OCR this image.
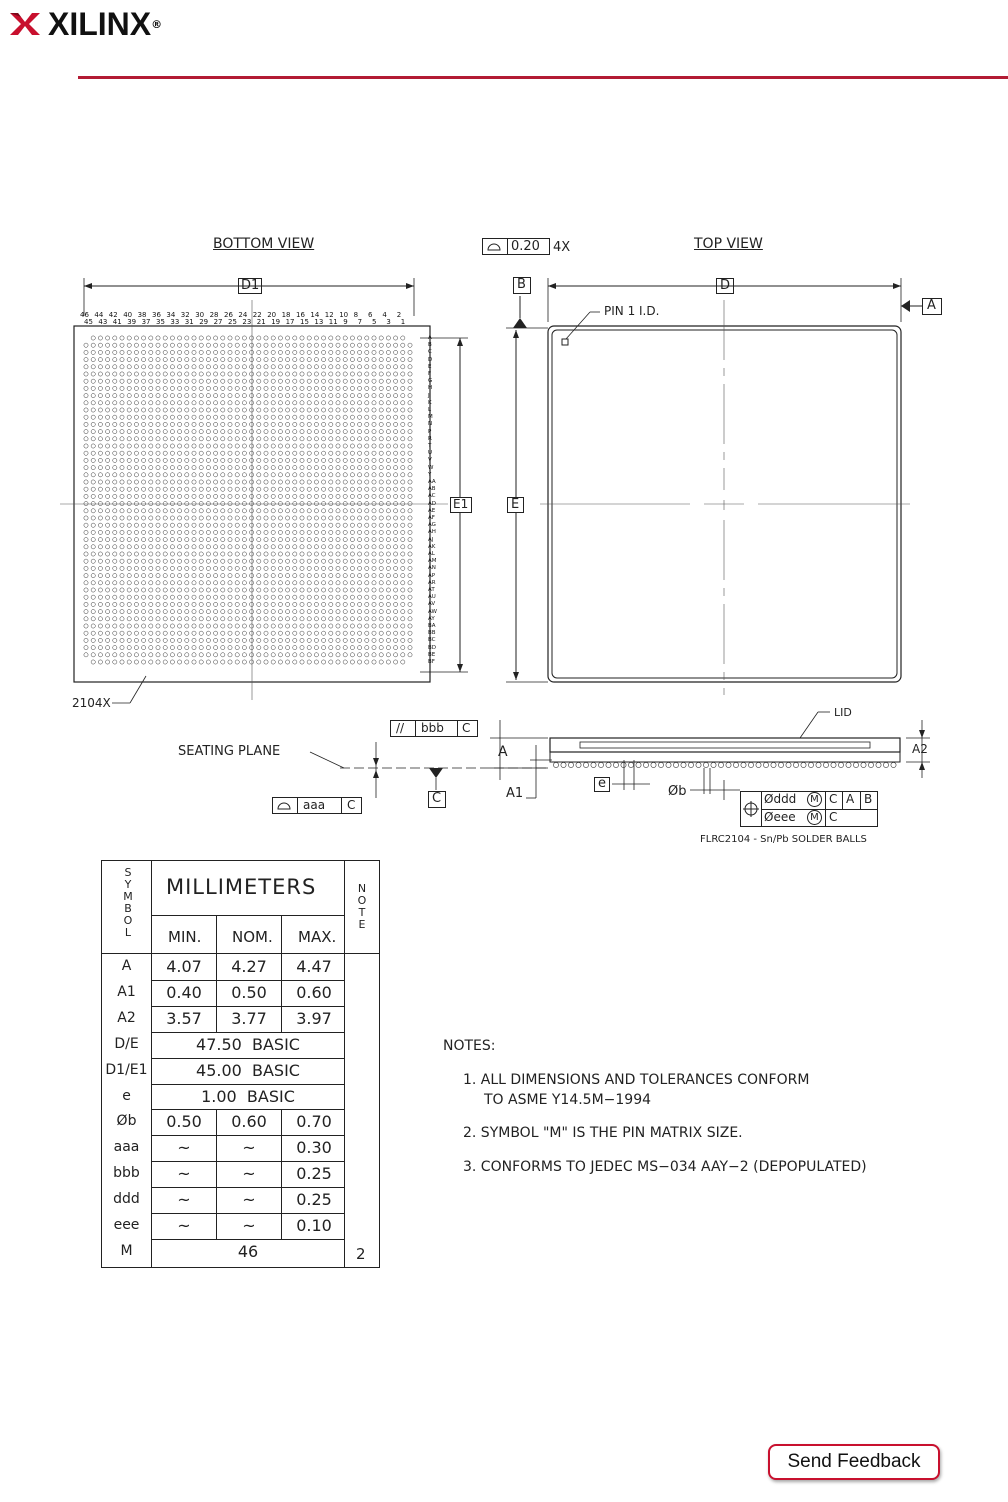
XILINX ®
BOTTOM VIEW	TOP VIEW
D1
E1
2104X
46 44 42 40 38 36 34 32 30 28 26 24 22 20 18 16 14 12 10 8 6 4 2
45 43 41 39 37 35 33 31 29 27 25 23 21 19 17 15 13 11 9 7 5 3 1
A
B
C
D
E
F
G
H
J
K
L
M
N
P
R
T
U
V
W
Y
AA
AB
AC
AD
AE
AF
AG
AH
AJ
AK
AL
AM
AN
AP
AR
AT
AU
AV
AW
AY
BA
BB
BC
BD
BE
BF
0.20 4X
B	D
A
PIN 1 I.D.
E
// bbb C
SEATING PLANE	A
A1
LID
A2
e
Øb
C
aaa C	Øddd	M C A B
Øeee	M C
FLRC2104 - Sn/Pb SOLDER BALLS
SYMBOL
MILLIMETERS	NOTE
MIN. NOM. MAX.
A	4.07	4.27	4.47
A1	0.40	0.50	0.60
A2	3.57	3.77	3.97
D/E	47.50  BASIC
D1/E1	45.00  BASIC
e	1.00  BASIC
Øb	0.50	0.60	0.70
aaa	~	~	0.30
bbb	~	~	0.25
ddd	~	~	0.25
eee	~	~	0.10
M	46	2
NOTES:
1. ALL DIMENSIONS AND TOLERANCES CONFORM
TO ASME Y14.5M−1994
2. SYMBOL "M" IS THE PIN MATRIX SIZE.
3. CONFORMS TO JEDEC MS−034 AAY−2 (DEPOPULATED)
Send Feedback
